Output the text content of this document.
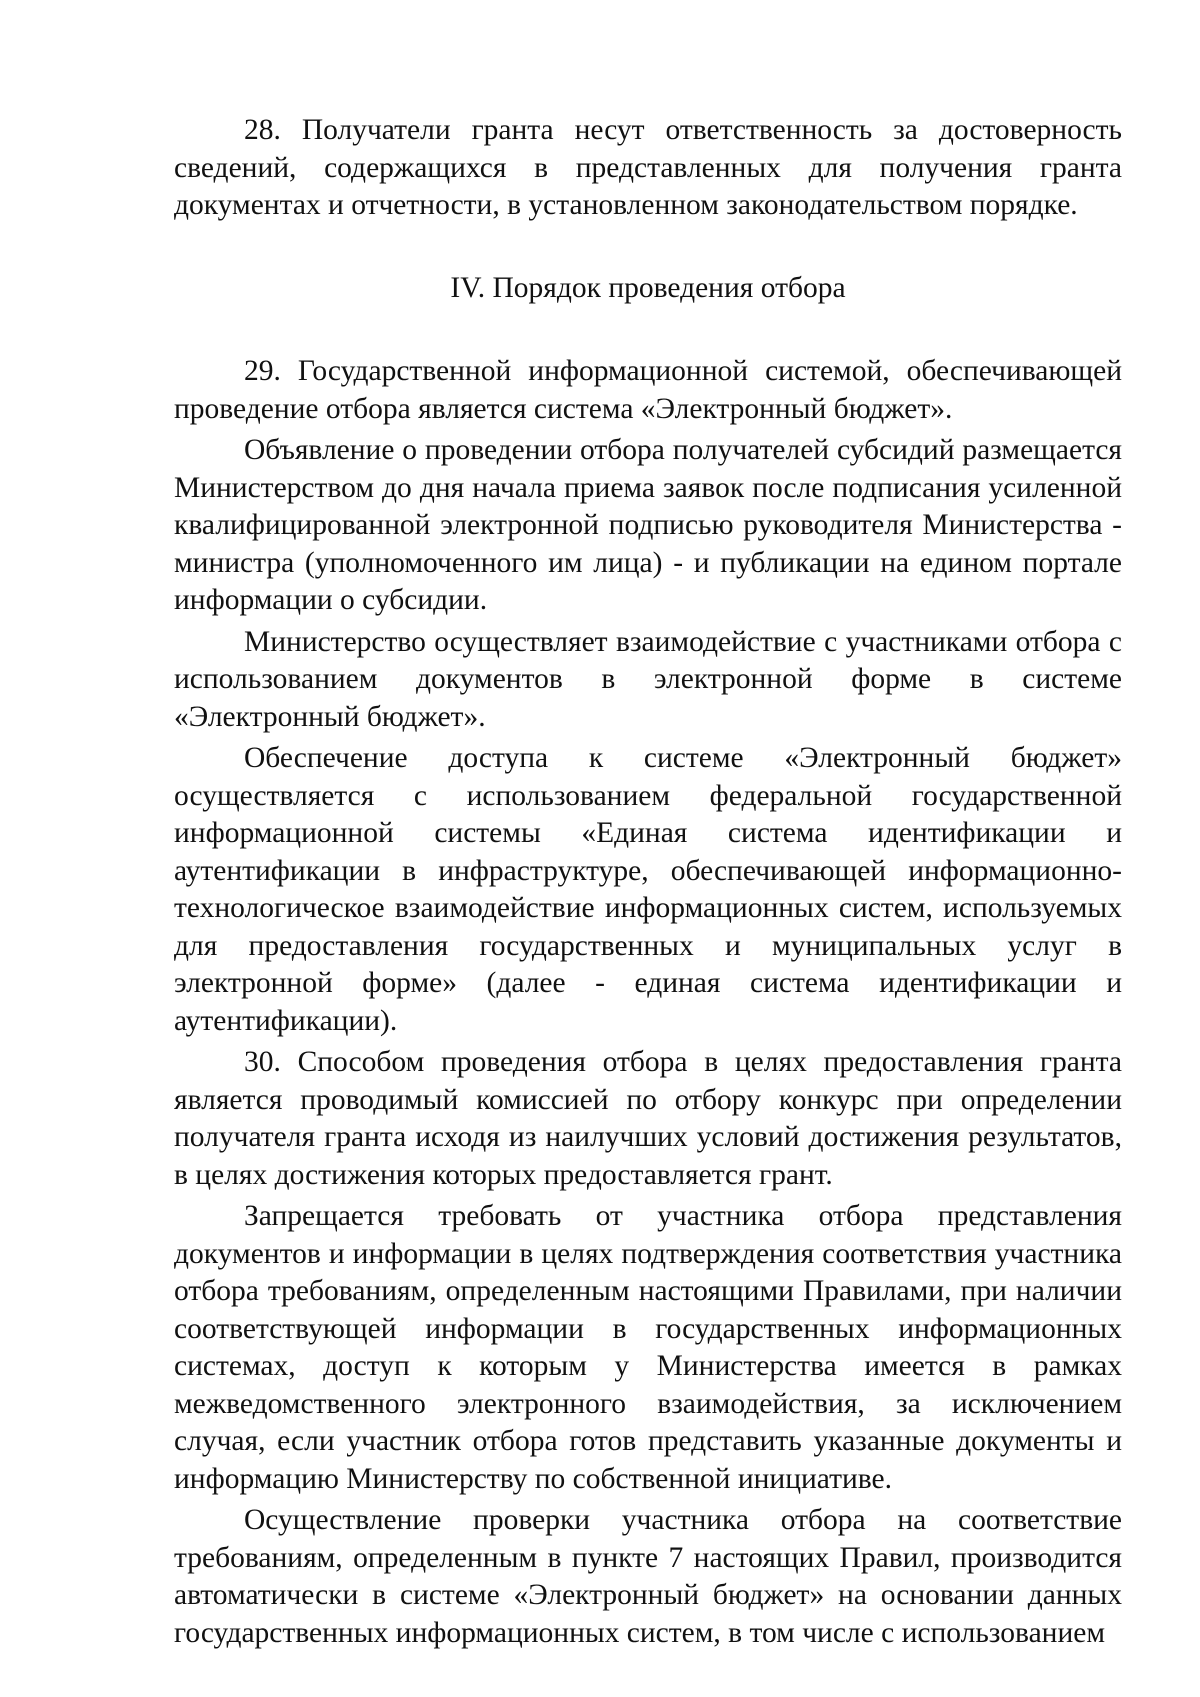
28. Получатели гранта несут ответственность за достоверность сведений, содержащихся в представленных для получения гранта документах и отчетности, в установленном законодательством порядке.

IV. Порядок проведения отбора

29. Государственной информационной системой, обеспечивающей проведение отбора является система «Электронный бюджет».

Объявление о проведении отбора получателей субсидий размещается Министерством до дня начала приема заявок после подписания усиленной квалифицированной электронной подписью руководителя Министерства - министра (уполномоченного им лица) - и публикации на едином портале информации о субсидии.

Министерство осуществляет взаимодействие с участниками отбора с использованием документов в электронной форме в системе «Электронный бюджет».

Обеспечение доступа к системе «Электронный бюджет» осуществляется с использованием федеральной государственной информационной системы «Единая система идентификации и аутентификации в инфраструктуре, обеспечивающей информационно-технологическое взаимодействие информационных систем, используемых для предоставления государственных и муниципальных услуг в электронной форме» (далее - единая система идентификации и аутентификации).

30. Способом проведения отбора в целях предоставления гранта является проводимый комиссией по отбору конкурс при определении получателя гранта исходя из наилучших условий достижения результатов, в целях достижения которых предоставляется грант.

Запрещается требовать от участника отбора представления документов и информации в целях подтверждения соответствия участника отбора требованиям, определенным настоящими Правилами, при наличии соответствующей информации в государственных информационных системах, доступ к которым у Министерства имеется в рамках межведомственного электронного взаимодействия, за исключением случая, если участник отбора готов представить указанные документы и информацию Министерству по собственной инициативе.

Осуществление проверки участника отбора на соответствие требованиям, определенным в пункте 7 настоящих Правил, производится автоматически в системе «Электронный бюджет» на основании данных государственных информационных систем, в том числе с использованием
